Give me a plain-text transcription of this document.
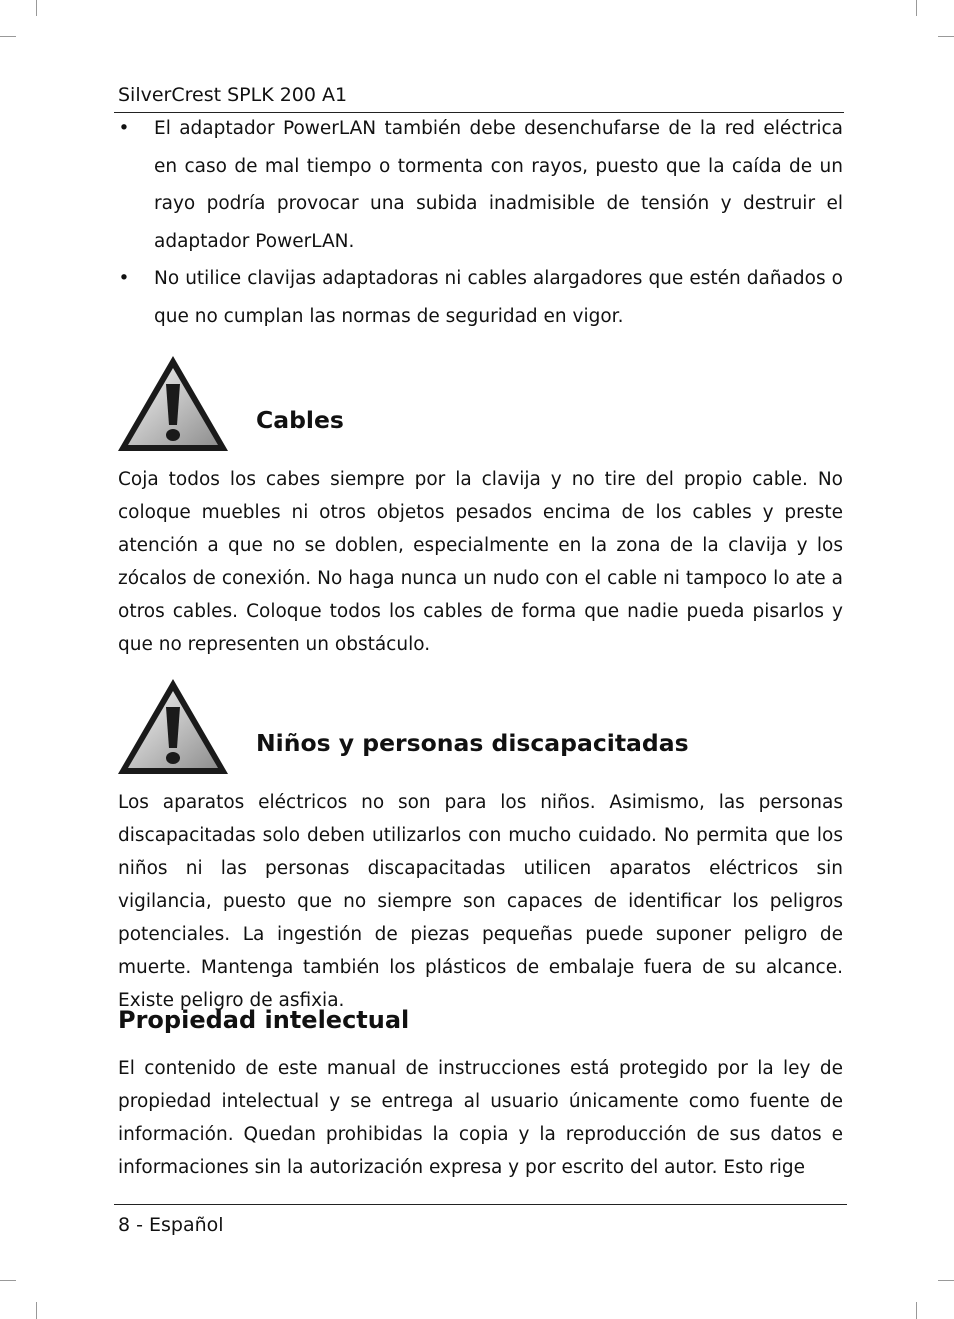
SilverCrest SPLK 200 A1
• El adaptador PowerLAN también debe desenchufarse de la red eléctrica en caso de mal tiempo o tormenta con rayos, puesto que la caída de un rayo podría provocar una subida inadmisible de tensión y destruir el adaptador PowerLAN.
• No utilice clavijas adaptadoras ni cables alargadores que estén dañados o que no cumplan las normas de seguridad en vigor.
Cables

Coja todos los cabes siempre por la clavija y no tire del propio cable. No coloque muebles ni otros objetos pesados encima de los cables y preste atención a que no se doblen, especialmente en la zona de la clavija y los zócalos de conexión. No haga nunca un nudo con el cable ni tampoco lo ate a otros cables. Coloque todos los cables de forma que nadie pueda pisarlos y que no representen un obstáculo.

Niños y personas discapacitadas

Los aparatos eléctricos no son para los niños. Asimismo, las personas discapacitadas solo deben utilizarlos con mucho cuidado. No permita que los niños ni las personas discapacitadas utilicen aparatos eléctricos sin vigilancia, puesto que no siempre son capaces de identificar los peligros potenciales. La ingestión de piezas pequeñas puede suponer peligro de muerte. Mantenga también los plásticos de embalaje fuera de su alcance. Existe peligro de asfixia.

Propiedad intelectual

El contenido de este manual de instrucciones está protegido por la ley de propiedad intelectual y se entrega al usuario únicamente como fuente de información. Quedan prohibidas la copia y la reproducción de sus datos e informaciones sin la autorización expresa y por escrito del autor. Esto rige

8 - Español
